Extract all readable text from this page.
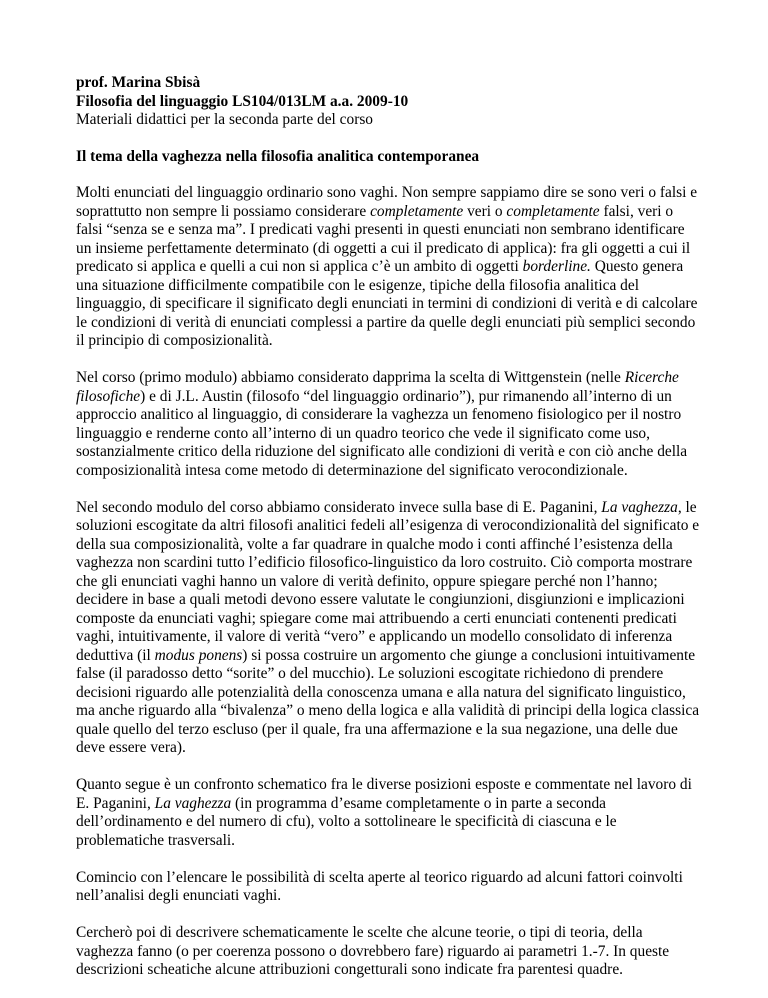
prof. Marina Sbisà

Filosofia del linguaggio LS104/013LM a.a. 2009-10

Materiali didattici per la seconda parte del corso

Il tema della vaghezza nella filosofia analitica contemporanea

Molti enunciati del linguaggio ordinario sono vaghi. Non sempre sappiamo dire se sono veri o falsi e soprattutto non sempre li possiamo considerare completamente veri o completamente falsi, veri o falsi “senza se e senza ma”. I predicati vaghi presenti in questi enunciati non sembrano identificare un insieme perfettamente determinato (di oggetti a cui il predicato di applica): fra gli oggetti a cui il predicato si applica e quelli a cui non si applica c’è un ambito di oggetti borderline. Questo genera una situazione difficilmente compatibile con le esigenze, tipiche della filosofia analitica del linguaggio, di specificare il significato degli enunciati in termini di condizioni di verità e di calcolare le condizioni di verità di enunciati complessi a partire da quelle degli enunciati più semplici secondo il principio di composizionalità.

Nel corso (primo modulo) abbiamo considerato dapprima la scelta di Wittgenstein (nelle Ricerche filosofiche) e di J.L. Austin (filosofo “del linguaggio ordinario”), pur rimanendo all’interno di un approccio analitico al linguaggio, di considerare la vaghezza un fenomeno fisiologico per il nostro linguaggio e renderne conto all’interno di un quadro teorico che vede il significato come uso, sostanzialmente critico della riduzione del significato alle condizioni di verità e con ciò anche della composizionalità intesa come metodo di determinazione del significato verocondizionale.

Nel secondo modulo del corso abbiamo considerato invece sulla base di E. Paganini, La vaghezza, le soluzioni escogitate da altri filosofi analitici fedeli all’esigenza di verocondizionalità del significato e della sua composizionalità, volte a far quadrare in qualche modo i conti affinché l’esistenza della vaghezza non scardini tutto l’edificio filosofico-linguistico da loro costruito. Ciò comporta mostrare che gli enunciati vaghi hanno un valore di verità definito, oppure spiegare perché non l’hanno; decidere in base a quali metodi devono essere valutate le congiunzioni, disgiunzioni e implicazioni composte da enunciati vaghi; spiegare come mai attribuendo a certi enunciati contenenti predicati vaghi, intuitivamente, il valore di verità “vero” e applicando un modello consolidato di inferenza deduttiva (il modus ponens) si possa costruire un argomento che giunge a conclusioni intuitivamente false (il paradosso detto “sorite” o del mucchio). Le soluzioni escogitate richiedono di prendere decisioni riguardo alle potenzialità della conoscenza umana e alla natura del significato linguistico, ma anche riguardo alla “bivalenza” o meno della logica e alla validità di principi della logica classica quale quello del terzo escluso (per il quale, fra una affermazione e la sua negazione, una delle due deve essere vera).

Quanto segue è un confronto schematico fra le diverse posizioni esposte e commentate nel lavoro di E. Paganini, La vaghezza (in programma d’esame completamente o in parte a seconda dell’ordinamento e del numero di cfu), volto a sottolineare le specificità di ciascuna e le problematiche trasversali.

Comincio con l’elencare le possibilità di scelta aperte al teorico riguardo ad alcuni fattori coinvolti nell’analisi degli enunciati vaghi.

Cercherò poi di descrivere schematicamente le scelte che alcune teorie, o tipi di teoria, della vaghezza fanno (o per coerenza possono o dovrebbero fare) riguardo ai parametri 1.-7. In queste descrizioni scheatiche alcune attribuzioni congetturali sono indicate fra parentesi quadre.
